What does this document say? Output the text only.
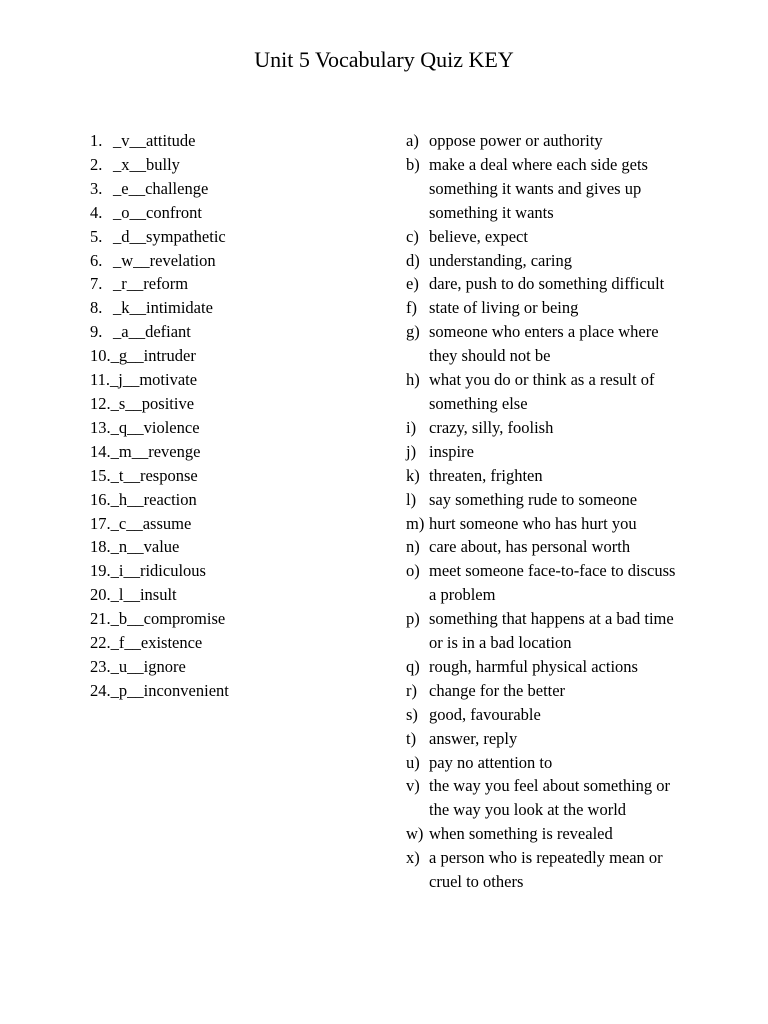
Unit 5 Vocabulary Quiz KEY
1. _v__attitude
2. _x__bully
3. _e__challenge
4. _o__confront
5. _d__sympathetic
6. _w__revelation
7. _r__reform
8. _k__intimidate
9. _a__defiant
10. _g__intruder
11. _j__motivate
12. _s__positive
13. _q__violence
14. _m__revenge
15. _t__response
16. _h__reaction
17. _c__assume
18. _n__value
19. _i__ridiculous
20. _l__insult
21. _b__compromise
22. _f__existence
23. _u__ignore
24. _p__inconvenient
a) oppose power or authority
b) make a deal where each side gets something it wants and gives up something it wants
c) believe, expect
d) understanding, caring
e) dare, push to do something difficult
f) state of living or being
g) someone who enters a place where they should not be
h) what you do or think as a result of something else
i) crazy, silly, foolish
j) inspire
k) threaten, frighten
l) say something rude to someone
m) hurt someone who has hurt you
n) care about, has personal worth
o) meet someone face-to-face to discuss a problem
p) something that happens at a bad time or is in a bad location
q) rough, harmful physical actions
r) change for the better
s) good, favourable
t) answer, reply
u) pay no attention to
v) the way you feel about something or the way you look at the world
w) when something is revealed
x) a person who is repeatedly mean or cruel to others
